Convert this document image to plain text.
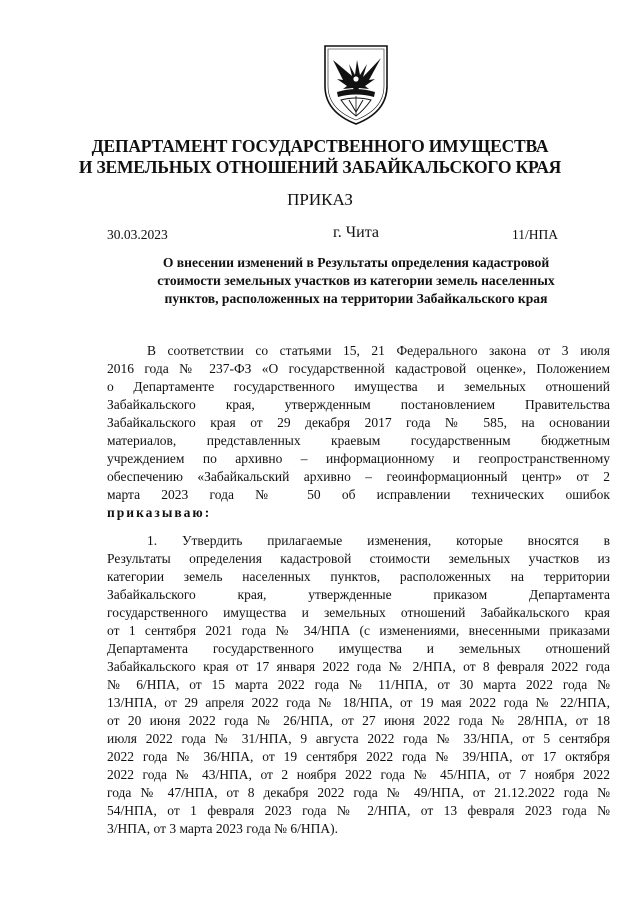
ДЕПАРТАМЕНТ ГОСУДАРСТВЕННОГО ИМУЩЕСТВА
И ЗЕМЕЛЬНЫХ ОТНОШЕНИЙ ЗАБАЙКАЛЬСКОГО КРАЯ
ПРИКАЗ
30.03.2023	г. Чита	11/НПА
О внесении изменений в Результаты определения кадастровой
стоимости земельных участков из категории земель населенных
пунктов, расположенных на территории Забайкальского края
В соответствии со статьями 15, 21 Федерального закона от 3 июля
2016 года № 237-ФЗ «О государственной кадастровой оценке», Положением
о Департаменте государственного имущества и земельных отношений
Забайкальского края, утвержденным постановлением Правительства
Забайкальского края от 29 декабря 2017 года № 585, на основании
материалов, представленных краевым государственным бюджетным
учреждением по архивно – информационному и геопространственному
обеспечению «Забайкальский архивно – геоинформационный центр» от 2
марта 2023 года № 50 об исправлении технических ошибок
приказываю:
1. Утвердить прилагаемые изменения, которые вносятся в
Результаты определения кадастровой стоимости земельных участков из
категории земель населенных пунктов, расположенных на территории
Забайкальского края, утвержденные приказом Департамента
государственного имущества и земельных отношений Забайкальского края
от 1 сентября 2021 года № 34/НПА (с изменениями, внесенными приказами
Департамента государственного имущества и земельных отношений
Забайкальского края от 17 января 2022 года № 2/НПА, от 8 февраля 2022 года
№ 6/НПА, от 15 марта 2022 года № 11/НПА, от 30 марта 2022 года №
13/НПА, от 29 апреля 2022 года № 18/НПА, от 19 мая 2022 года № 22/НПА,
от 20 июня 2022 года № 26/НПА, от 27 июня 2022 года № 28/НПА, от 18
июля 2022 года № 31/НПА, 9 августа 2022 года № 33/НПА, от 5 сентября
2022 года № 36/НПА, от 19 сентября 2022 года № 39/НПА, от 17 октября
2022 года № 43/НПА, от 2 ноября 2022 года № 45/НПА, от 7 ноября 2022
года № 47/НПА, от 8 декабря 2022 года № 49/НПА, от 21.12.2022 года №
54/НПА, от 1 февраля 2023 года № 2/НПА, от 13 февраля 2023 года №
3/НПА, от 3 марта 2023 года № 6/НПА).
